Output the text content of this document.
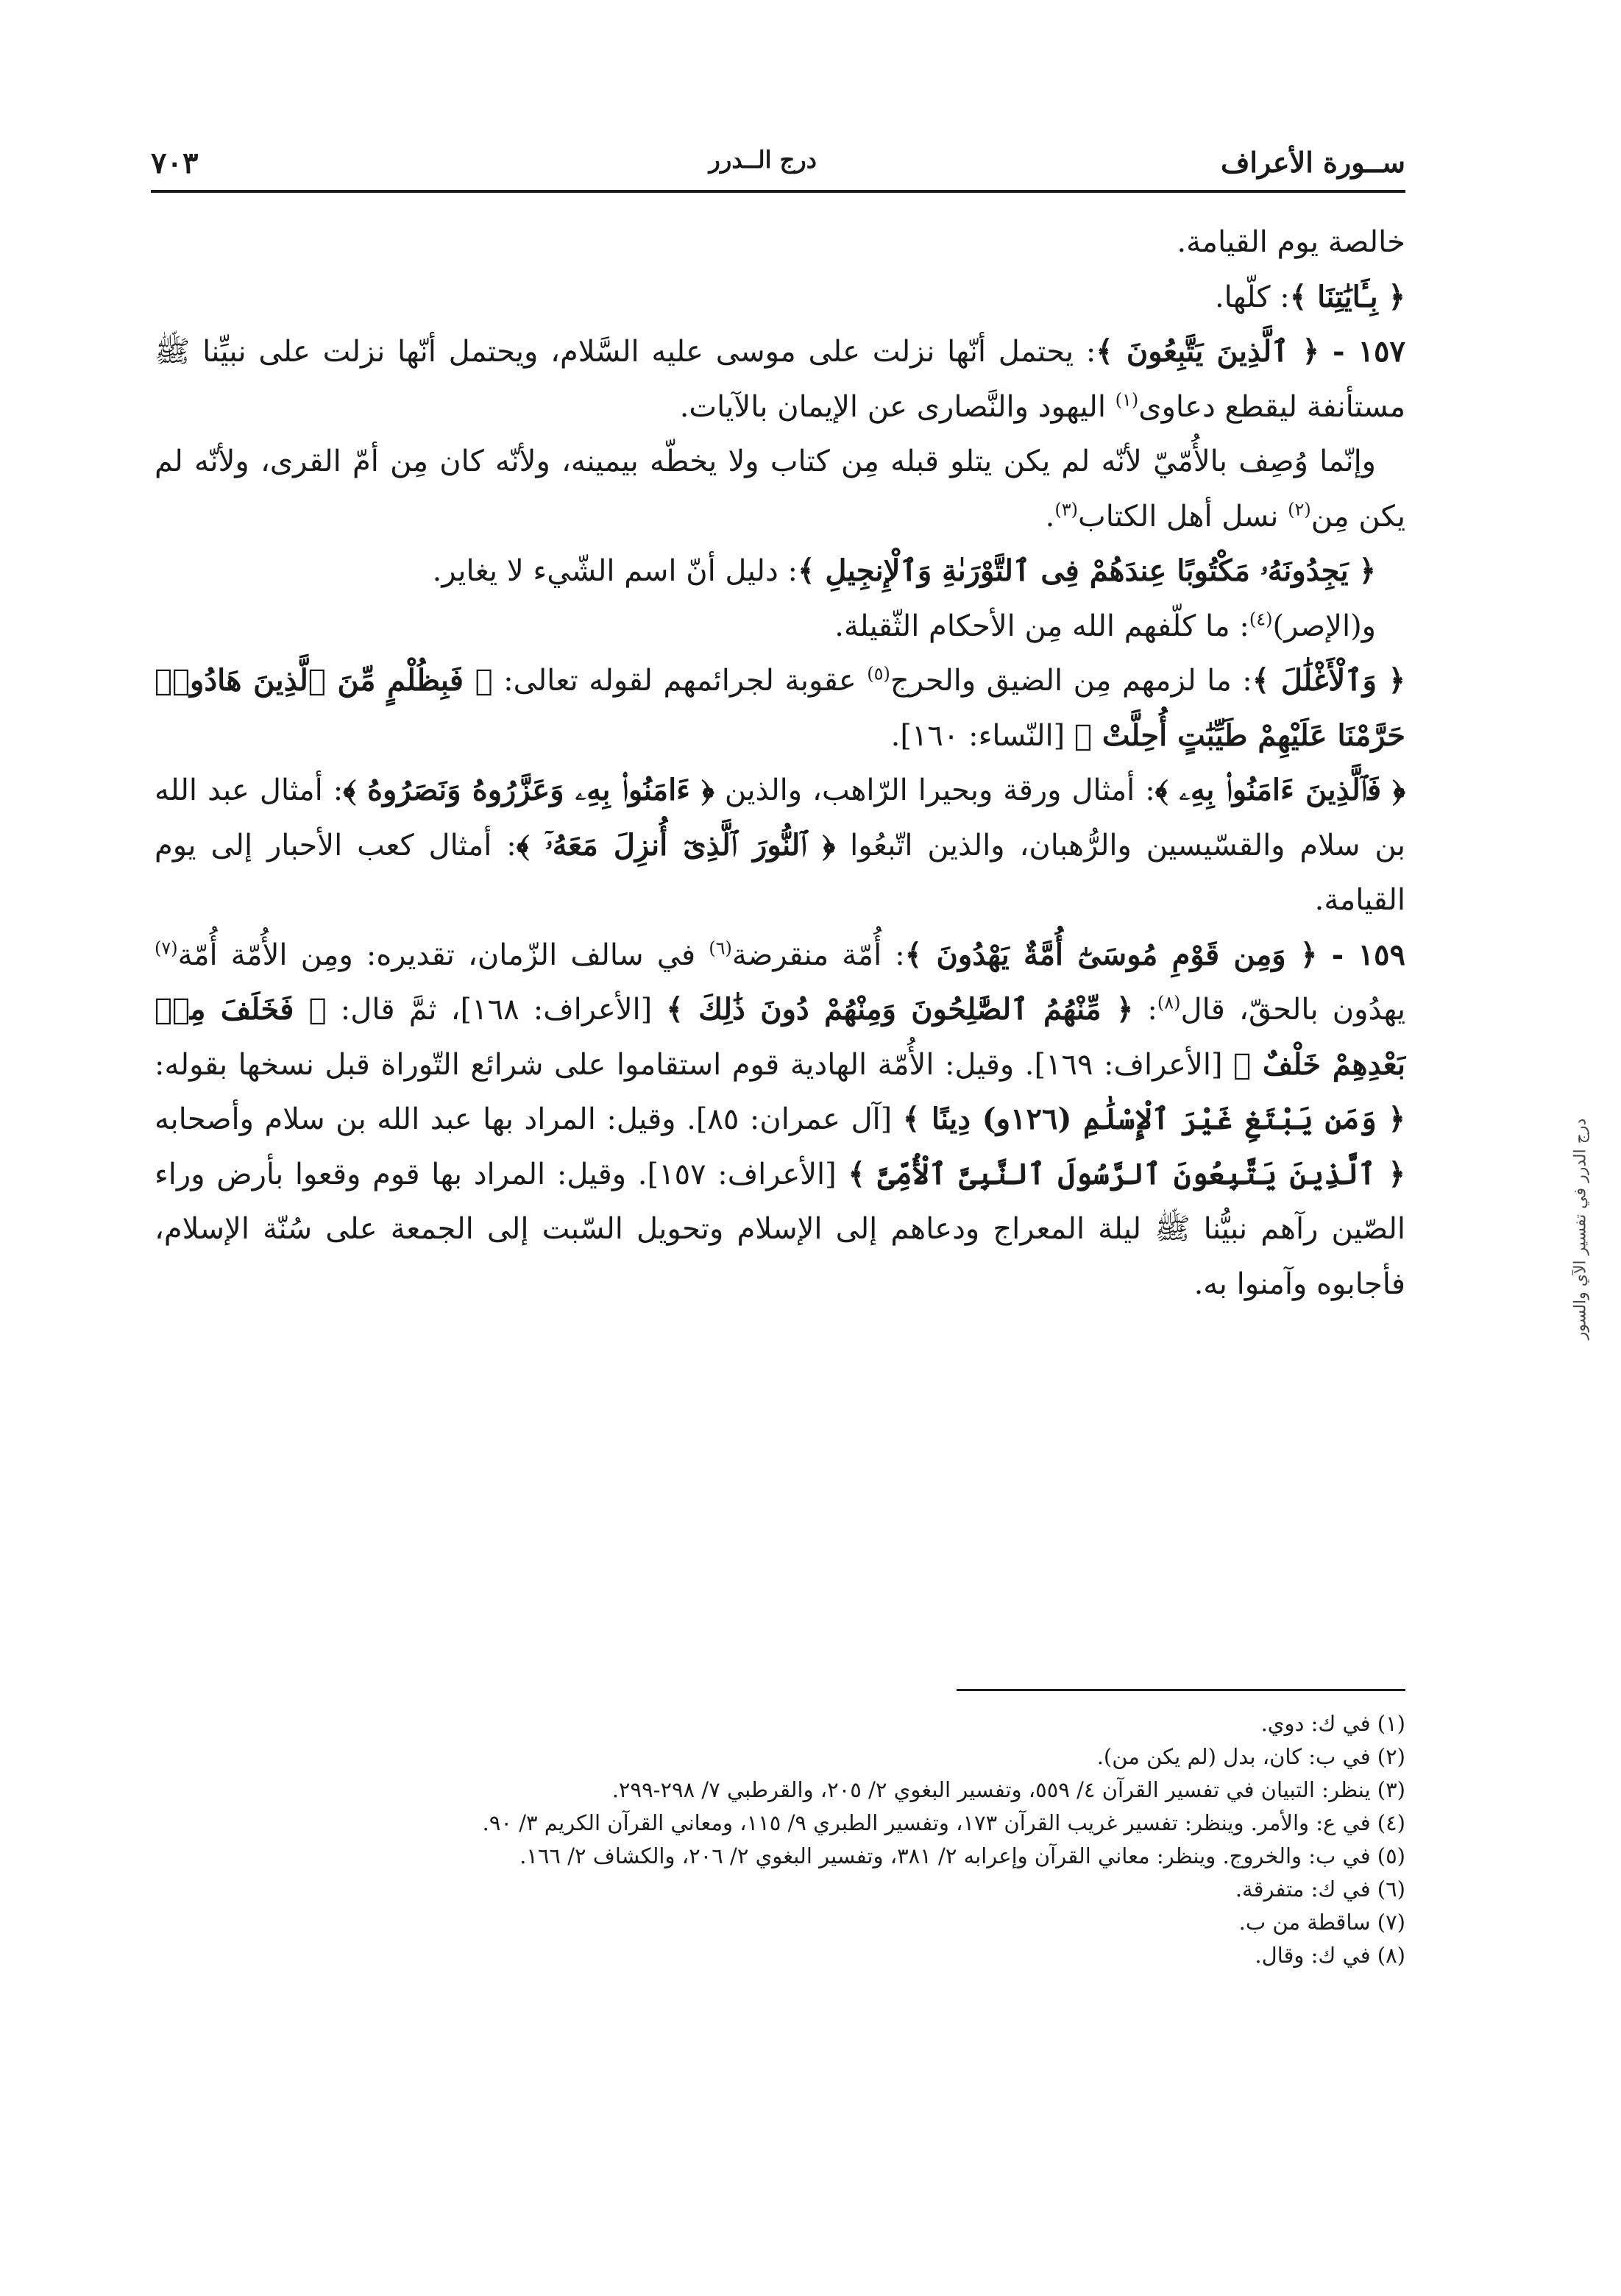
ســورة الأعراف
درج الــدرر
٧٠٣

خالصة يوم القيامة.

﴿ بِـَٔايَٰتِنَا ﴾: كلّها.

١٥٧ - ﴿ ٱلَّذِينَ يَتَّبِعُونَ ﴾: يحتمل أنّها نزلت على موسى عليه السَّلام، ويحتمل أنّها نزلت على نبيِّنا ﷺ مستأنفة ليقطع دعاوى$^{(١)}$ اليهود والنَّصارى عن الإيمان بالآيات.

 وإنّما وُصِف بالأُمّيّ لأنّه لم يكن يتلو قبله مِن كتاب ولا يخطّه بيمينه، ولأنّه كان مِن أمّ القرى، ولأنّه لم يكن مِن$^{(٢)}$ نسل أهل الكتاب$^{(٣)}$.

 ﴿ يَجِدُونَهُۥ مَكْتُوبًا عِندَهُمْ فِى ٱلتَّوْرَىٰةِ وَٱلْإِنجِيلِ ﴾: دليل أنّ اسم الشّيء لا يغاير.

 و(الإصر)$^{(٤)}$: ما كلّفهم الله مِن الأحكام الثّقيلة.

﴿ وَٱلْأَغْلَٰلَ ﴾: ما لزمهم مِن الضيق والحرج$^{(٥)}$ عقوبة لجرائمهم لقوله تعالى: ﴿ فَبِظُلْمٍ مِّنَ ٱلَّذِينَ هَادُوا۟ حَرَّمْنَا عَلَيْهِمْ طَيِّبَٰتٍ أُحِلَّتْ ﴾ [النّساء: ١٦٠].

﴿ فَٱلَّذِينَ ءَامَنُوا۟ بِهِۦ ﴾: أمثال ورقة وبحيرا الرّاهب، والذين ﴿ ءَامَنُوا۟ بِهِۦ وَعَزَّرُوهُ وَنَصَرُوهُ ﴾: أمثال عبد الله بن سلام والقسّيسين والرُّهبان، والذين اتّبعُوا ﴿ ٱلنُّورَ ٱلَّذِىٓ أُنزِلَ مَعَهُۥٓ ﴾: أمثال كعب الأحبار إلى يوم القيامة.

١٥٩ - ﴿ وَمِن قَوْمِ مُوسَىٰٓ أُمَّةٌ يَهْدُونَ ﴾: أُمّة منقرضة$^{(٦)}$ في سالف الزّمان، تقديره: ومِن الأُمّة أُمّة$^{(٧)}$ يهدُون بالحقّ، قال$^{(٨)}$: ﴿ مِّنْهُمُ ٱلصَّٰلِحُونَ وَمِنْهُمْ دُونَ ذَٰلِكَ ﴾ [الأعراف: ١٦٨]، ثمَّ قال: ﴿ فَخَلَفَ مِنۢ بَعْدِهِمْ خَلْفٌ ﴾ [الأعراف: ١٦٩]. وقيل: الأُمّة الهادية قوم استقاموا على شرائع التّوراة قبل نسخها بقوله: ﴿ وَمَن يَبْتَغِ غَيْرَ ٱلْإِسْلَٰمِ (١٢٦و) دِينًا ﴾ [آل عمران: ٨٥]. وقيل: المراد بها عبد الله بن سلام وأصحابه ﴿ ٱلَّذِينَ يَتَّبِعُونَ ٱلرَّسُولَ ٱلنَّبِىَّ ٱلْأُمِّىَّ ﴾ [الأعراف: ١٥٧]. وقيل: المراد بها قوم وقعوا بأرض وراء الصّين رآهم نبيُّنا ﷺ ليلة المعراج ودعاهم إلى الإسلام وتحويل السّبت إلى الجمعة على سُنّة الإسلام، فأجابوه وآمنوا به.

(١) في ك: دوي.
(٢) في ب: كان، بدل (لم يكن من).
(٣) ينظر: التبيان في تفسير القرآن ٤/ ٥٥٩، وتفسير البغوي ٢/ ٢٠٥، والقرطبي ٧/ ٢٩٨-٢٩٩.
(٤) في ع: والأمر. وينظر: تفسير غريب القرآن ١٧٣، وتفسير الطبري ٩/ ١١٥، ومعاني القرآن الكريم ٣/ ٩٠.
(٥) في ب: والخروج. وينظر: معاني القرآن وإعرابه ٢/ ٣٨١، وتفسير البغوي ٢/ ٢٠٦، والكشاف ٢/ ١٦٦.
(٦) في ك: متفرقة.
(٧) ساقطة من ب.
(٨) في ك: وقال.
درج الدرر في تفسير الآي والسور
